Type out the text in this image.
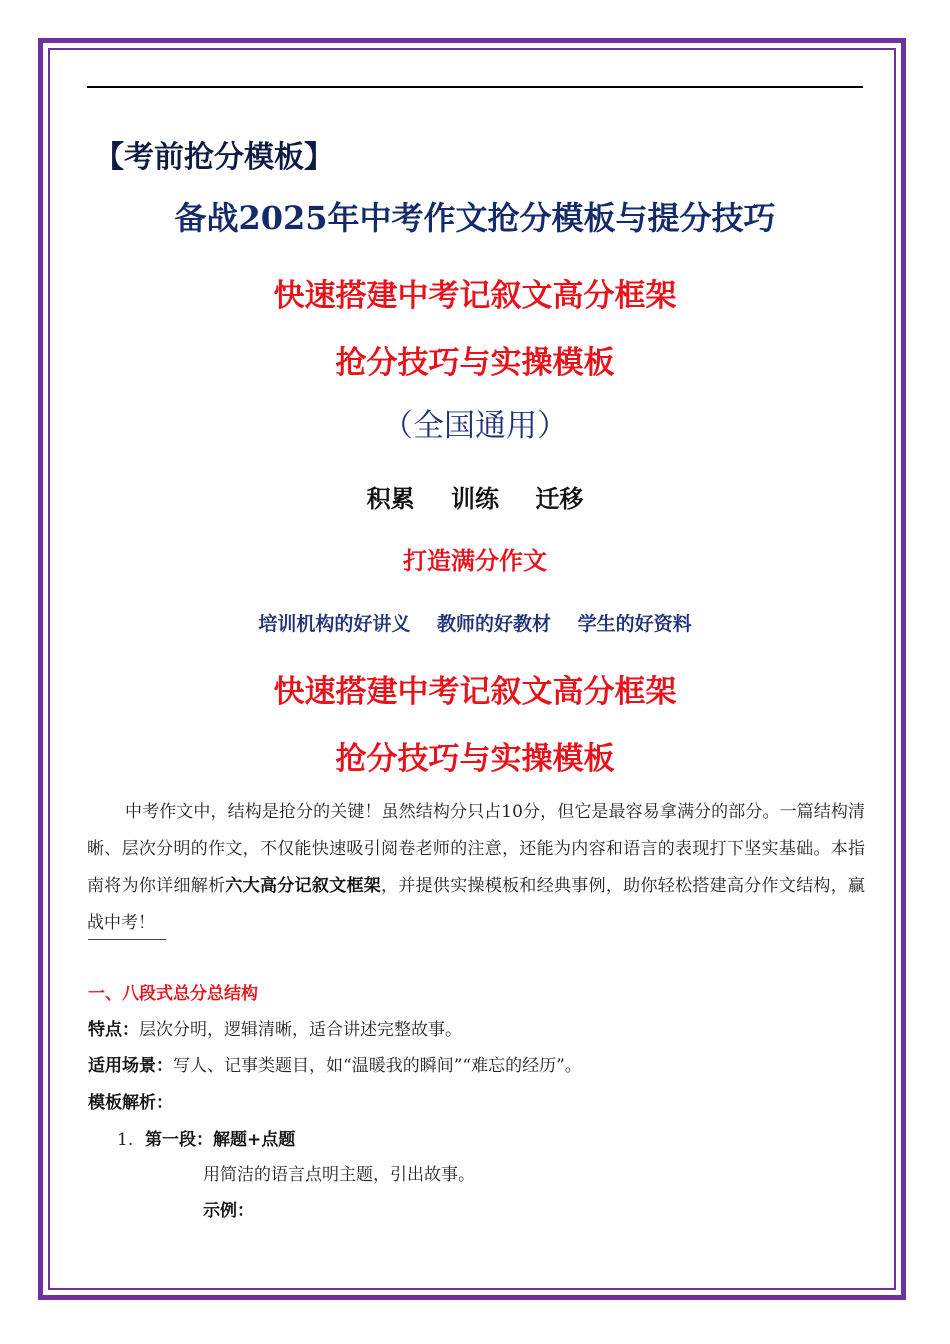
【考前抢分模板】
备战2025年中考作文抢分模板与提分技巧
快速搭建中考记叙文高分框架
抢分技巧与实操模板
（全国通用）
积累 训练 迁移
打造满分作文
培训机构的好讲义 教师的好教材 学生的好资料
快速搭建中考记叙文高分框架
抢分技巧与实操模板
中考作文中，结构是抢分的关键！虽然结构分只占10分，但它是最容易拿满分的部分。一篇结构清晰、层次分明的作文，不仅能快速吸引阅卷老师的注意，还能为内容和语言的表现打下坚实基础。本指南将为你详细解析六大高分记叙文框架，并提供实操模板和经典事例，助你轻松搭建高分作文结构，赢战中考！
一、八段式总分总结构
特点：层次分明，逻辑清晰，适合讲述完整故事。
适用场景：写人、记事类题目，如“温暖我的瞬间”“难忘的经历”。
模板解析：
1. 第一段：解题+点题
用简洁的语言点明主题，引出故事。
示例：
